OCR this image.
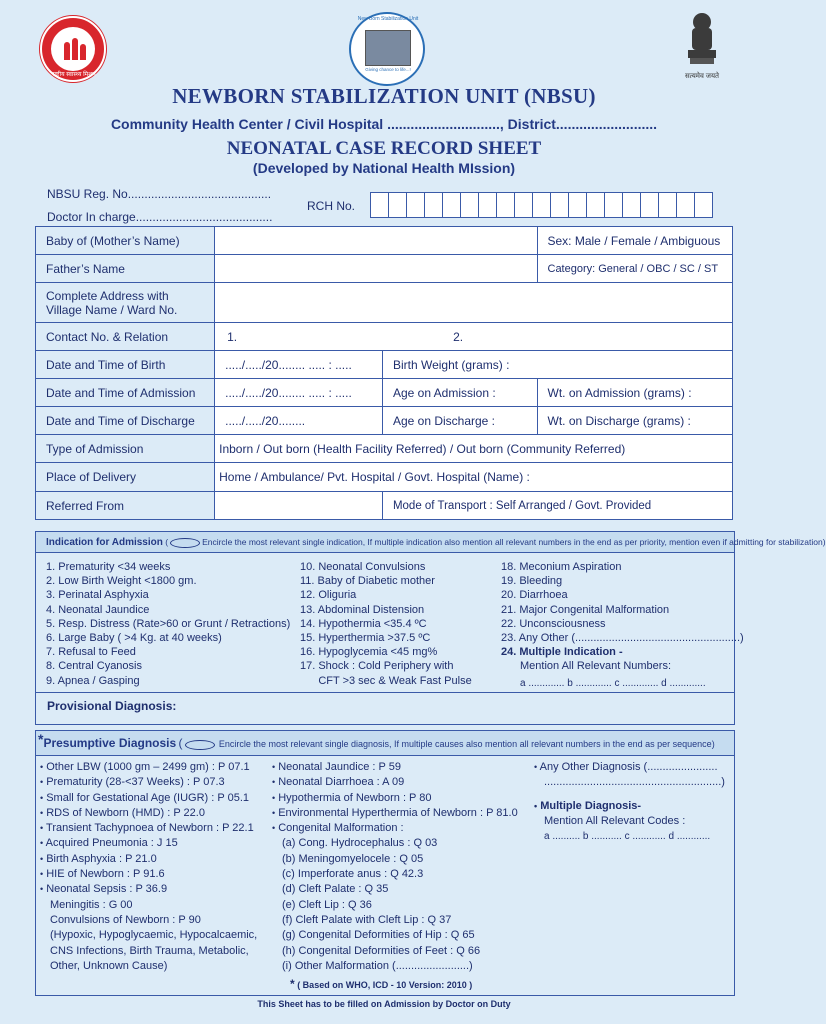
राष्ट्रीय स्वास्थ्य मिशन
New Born Stabilization Unit
Giving chance to life...!
सत्यमेव जयते
NEWBORN STABILIZATION UNIT (NBSU)
Community Health Center / Civil Hospital ............................., District..........................
NEONATAL CASE RECORD SHEET
(Developed by National Health MIssion)
NBSU Reg. No...........................................
Doctor In charge.........................................
RCH No.

Baby of (Mother’s Name)			Sex: Male / Female / Ambiguous
Father’s Name			Category: General / OBC / SC / ST

Complete Address with
Village Name / Ward No.			

Contact No. & Relation	1. 2.		
Date and Time of Birth	...../...../20........ ..... : .....	Birth Weight (grams) :	
Date and Time of Admission	...../...../20........ ..... : .....	Age on Admission :	Wt. on Admission (grams) :
Date and Time of Discharge	...../...../20........	Age on Discharge :	Wt. on Discharge (grams) :
Type of Admission	Inborn / Out born (Health Facility Referred) / Out born (Community Referred)		
Place of Delivery	Home / Ambulance/ Pvt. Hospital / Govt. Hospital (Name) :		
Referred From		Mode of Transport : Self Arranged / Govt. Provided	
Indication for Admission (	Encircle the most relevant single indication, If multiple indication also mention all relevant numbers in the end as per priority, mention even if admitting for stabilization)
1. Prematurity <34 weeks
2. Low Birth Weight <1800 gm.
3. Perinatal Asphyxia
4. Neonatal Jaundice
5. Resp. Distress (Rate>60 or Grunt / Retractions)
6. Large Baby ( >4 Kg. at 40 weeks)
7. Refusal to Feed
8. Central Cyanosis
9. Apnea / Gasping
10. Neonatal Convulsions
11. Baby of Diabetic mother
12. Oliguria
13. Abdominal Distension
14. Hypothermia <35.4 ºC
15. Hyperthermia >37.5 ºC
16. Hypoglycemia <45 mg%
17. Shock : Cold Periphery with
CFT >3 sec & Weak Fast Pulse
18. Meconium Aspiration
19. Bleeding
20. Diarrhoea
21. Major Congenital Malformation
22. Unconsciousness
23. Any Other (......................................................)
24. Multiple Indication -
Mention All Relevant Numbers:
a ............. b ............. c ............. d .............
Provisional Diagnosis:
*Presumptive Diagnosis (	Encircle the most relevant single diagnosis, If multiple causes also mention all relevant numbers in the end as per sequence)
• Other LBW (1000 gm – 2499 gm) : P 07.1
• Prematurity (28-<37 Weeks) : P 07.3
• Small for Gestational Age (IUGR) : P 05.1
• RDS of Newborn (HMD) : P 22.0
• Transient Tachypnoea of Newborn : P 22.1
• Acquired Pneumonia : J 15
• Birth Asphyxia : P 21.0
• HIE of Newborn : P 91.6
• Neonatal Sepsis : P 36.9
Meningitis : G 00
Convulsions of Newborn : P 90
(Hypoxic, Hypoglycaemic, Hypocalcaemic,
CNS Infections, Birth Trauma, Metabolic,
Other, Unknown Cause)
• Neonatal Jaundice : P 59
• Neonatal Diarrhoea : A 09
• Hypothermia of Newborn : P 80
• Environmental Hyperthermia of Newborn : P 81.0
• Congenital Malformation :
(a) Cong. Hydrocephalus : Q 03
(b) Meningomyelocele : Q 05
(c) Imperforate anus : Q 42.3
(d) Cleft Palate : Q 35
(e) Cleft Lip : Q 36
(f) Cleft Palate with Cleft Lip : Q 37
(g) Congenital Deformities of Hip : Q 65
(h) Congenital Deformities of Feet : Q 66
(i) Other Malformation (........................)
• Any Other Diagnosis (.......................
..........................................................)
• Multiple Diagnosis-
Mention All Relevant Codes :
a .......... b ........... c ............ d ............
* ( Based on WHO, ICD - 10 Version: 2010 )
This Sheet has to be filled on Admission by Doctor on Duty
